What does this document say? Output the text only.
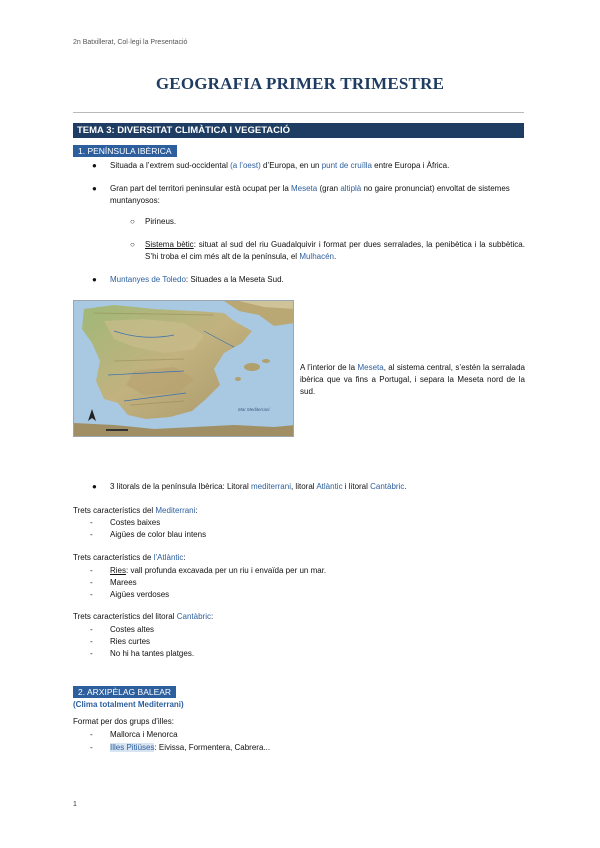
2n Batxillerat, Col·legi la Presentació
GEOGRAFIA PRIMER TRIMESTRE
TEMA 3: DIVERSITAT CLIMÀTICA I VEGETACIÓ
1. PENÍNSULA IBÈRICA
● Situada a l’extrem sud-occidental (a l’oest) d’Europa, en un punt de cruïlla entre Europa i Àfrica.
● Gran part del territori peninsular està ocupat per la Meseta (gran altiplà no gaire pronunciat) envoltat de sistemes muntanyosos:
○ Pirineus.
○ Sistema bètic: situat al sud del riu Guadalquivir i format per dues serralades, la penibètica i la subbètica. S’hi troba el cim més alt de la península, el Mulhacén.
● Muntanyes de Toledo: Situades a la Meseta Sud.
Mar Mediterrani
A l’interior de la Meseta, al sistema central, s’estén la serralada ibèrica que va fins a Portugal, i separa la Meseta nord de la sud.
● 3 litorals de la península Ibèrica: Litoral mediterrani, litoral Atlàntic i litoral Cantàbric.
Trets característics del Mediterrani:
- Costes baixes
- Aigües de color blau intens
Trets característics de l’Atlàntic:
- Ries: vall profunda excavada per un riu i envaïda per un mar.
- Marees
- Aigües verdoses
Trets característics del litoral Cantàbric:
- Costes altes
- Ries curtes
- No hi ha tantes platges.
2. ARXIPÈLAG BALEAR
(Clima totalment Mediterrani)
Format per dos grups d’illes:
- Mallorca i Menorca
- Illes Pitiüses: Eivissa, Formentera, Cabrera...
1
